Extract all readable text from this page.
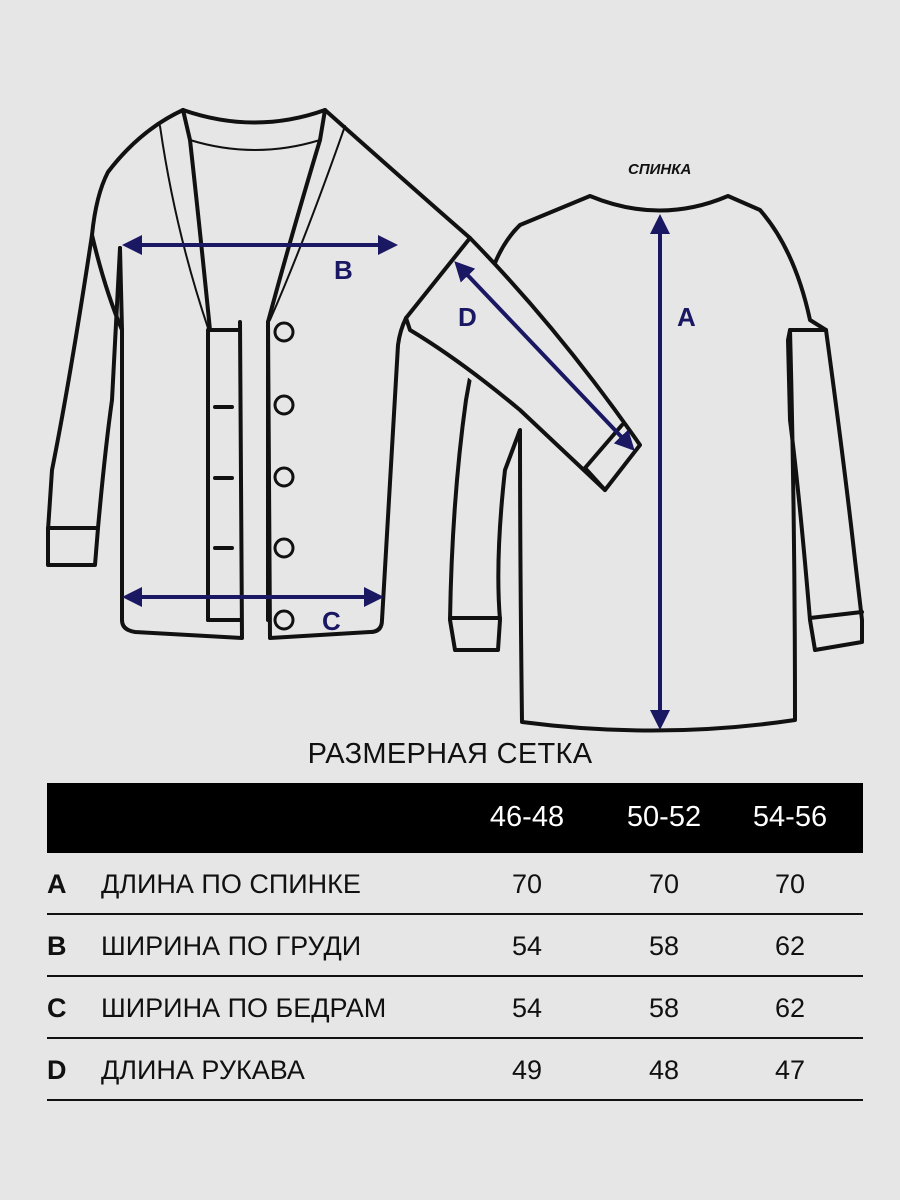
B
C
D	A
СПИНКА
РАЗМЕРНАЯ СЕТКА
46-48	50-52	54-56
A ДЛИНА ПО СПИНКЕ	70	70	70
B ШИРИНА ПО ГРУДИ	54	58	62
C ШИРИНА ПО БЕДРАМ	54	58	62
D ДЛИНА РУКАВА	49	48	47
